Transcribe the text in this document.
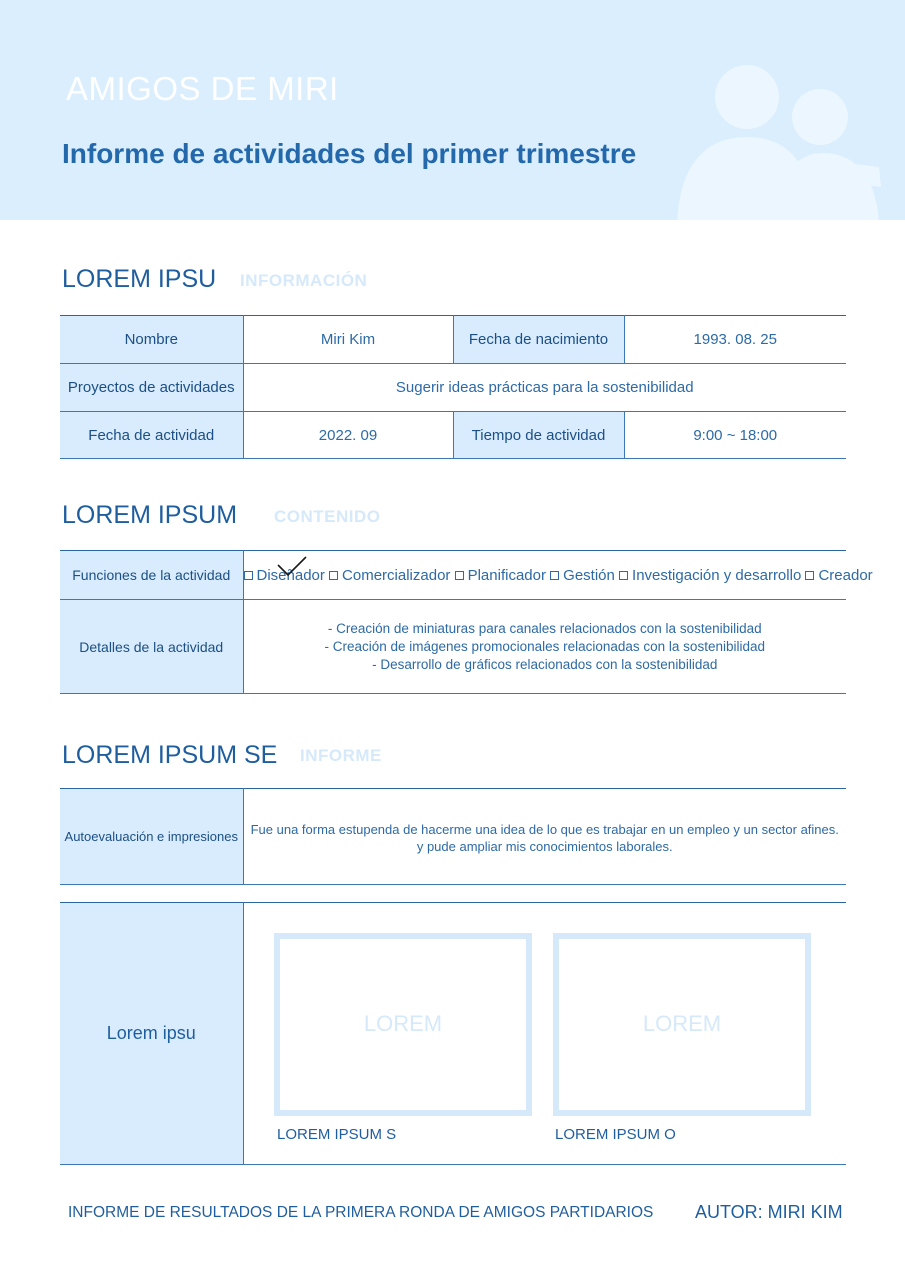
AMIGOS DE MIRI
Informe de actividades del primer trimestre
LOREM IPSU INFORMACIÓN
Nombre	Miri Kim	Fecha de nacimiento	1993. 08. 25
Proyectos de actividades	Sugerir ideas prácticas para la sostenibilidad		
Fecha de actividad	2022. 09	Tiempo de actividad	9:00 ~ 18:00
LOREM IPSUM CONTENIDO
Funciones de la actividad	Diseñador Comercializador Planificador Gestión Investigación y desarrollo Creador
Detalles de la actividad	- Creación de miniaturas para canales relacionados con la sostenibilidad
- Creación de imágenes promocionales relacionadas con la sostenibilidad
- Desarrollo de gráficos relacionados con la sostenibilidad
LOREM IPSUM SE INFORME
Autoevaluación e impresiones	Fue una forma estupenda de hacerme una idea de lo que es trabajar en un empleo y un sector afines.
y pude ampliar mis conocimientos laborales.
Lorem ipsu		LOREM
LOREM IPSUM S
LOREM
LOREM IPSUM O
INFORME DE RESULTADOS DE LA PRIMERA RONDA DE AMIGOS PARTIDARIOS AUTOR: MIRI KIM
